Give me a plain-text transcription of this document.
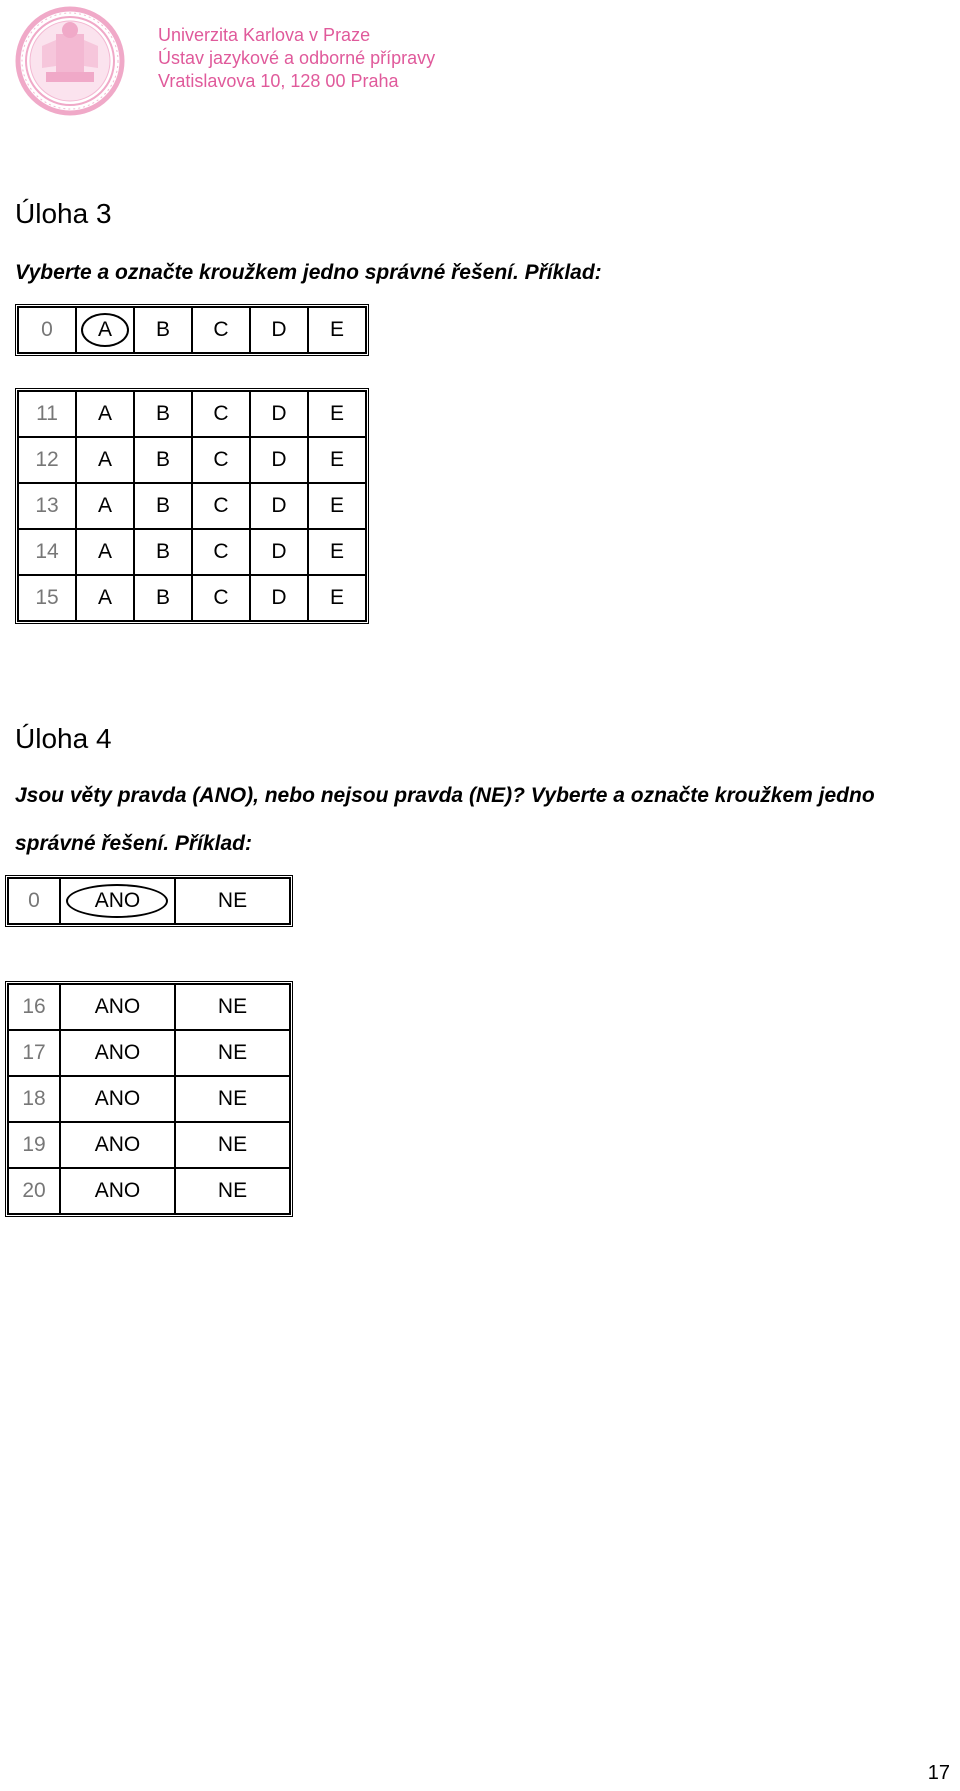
Univerzita Karlova v Praze
Ústav jazykové a odborné přípravy
Vratislavova 10, 128 00 Praha
Úloha 3
Vyberte a označte kroužkem jedno správné řešení. Příklad:
0	A	B	C	D	E
11	A	B	C	D	E
12	A	B	C	D	E
13	A	B	C	D	E
14	A	B	C	D	E
15	A	B	C	D	E
Úloha 4
Jsou věty pravda (ANO), nebo nejsou pravda (NE)? Vyberte a označte kroužkem jedno
správné řešení. Příklad:
0	ANO	NE
16	ANO	NE
17	ANO	NE
18	ANO	NE
19	ANO	NE
20	ANO	NE
17
